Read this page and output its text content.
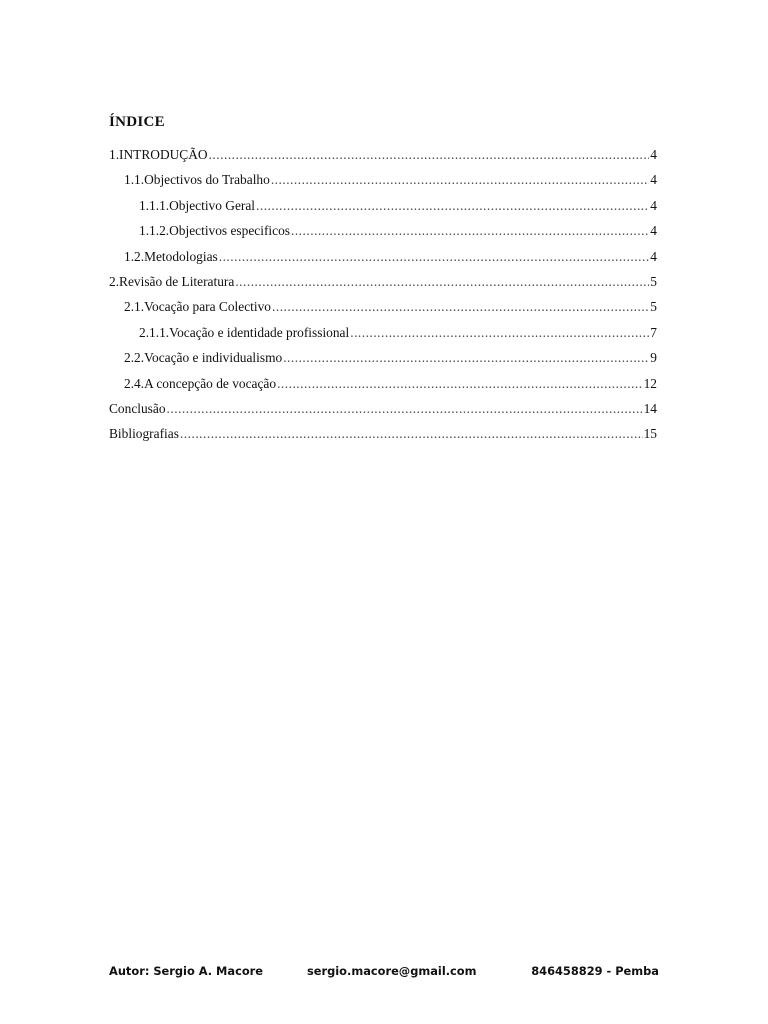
ÍNDICE
1.INTRODUÇÃO .....	4
1.1.Objectivos do Trabalho .....	4
1.1.1.Objectivo Geral .....	4
1.1.2.Objectivos especificos .....	4
1.2.Metodologias .....	4
2.Revisão de Literatura .....	5
2.1.Vocação para Colectivo .....	5
2.1.1.Vocação e identidade profissional .....	7
2.2.Vocação e individualismo .....	9
2.4.A concepção de vocação .....	12
Conclusão .....	14
Bibliografias .....	15
Autor: Sergio A. Macore	sergio.macore@gmail.com	846458829 - Pemba
